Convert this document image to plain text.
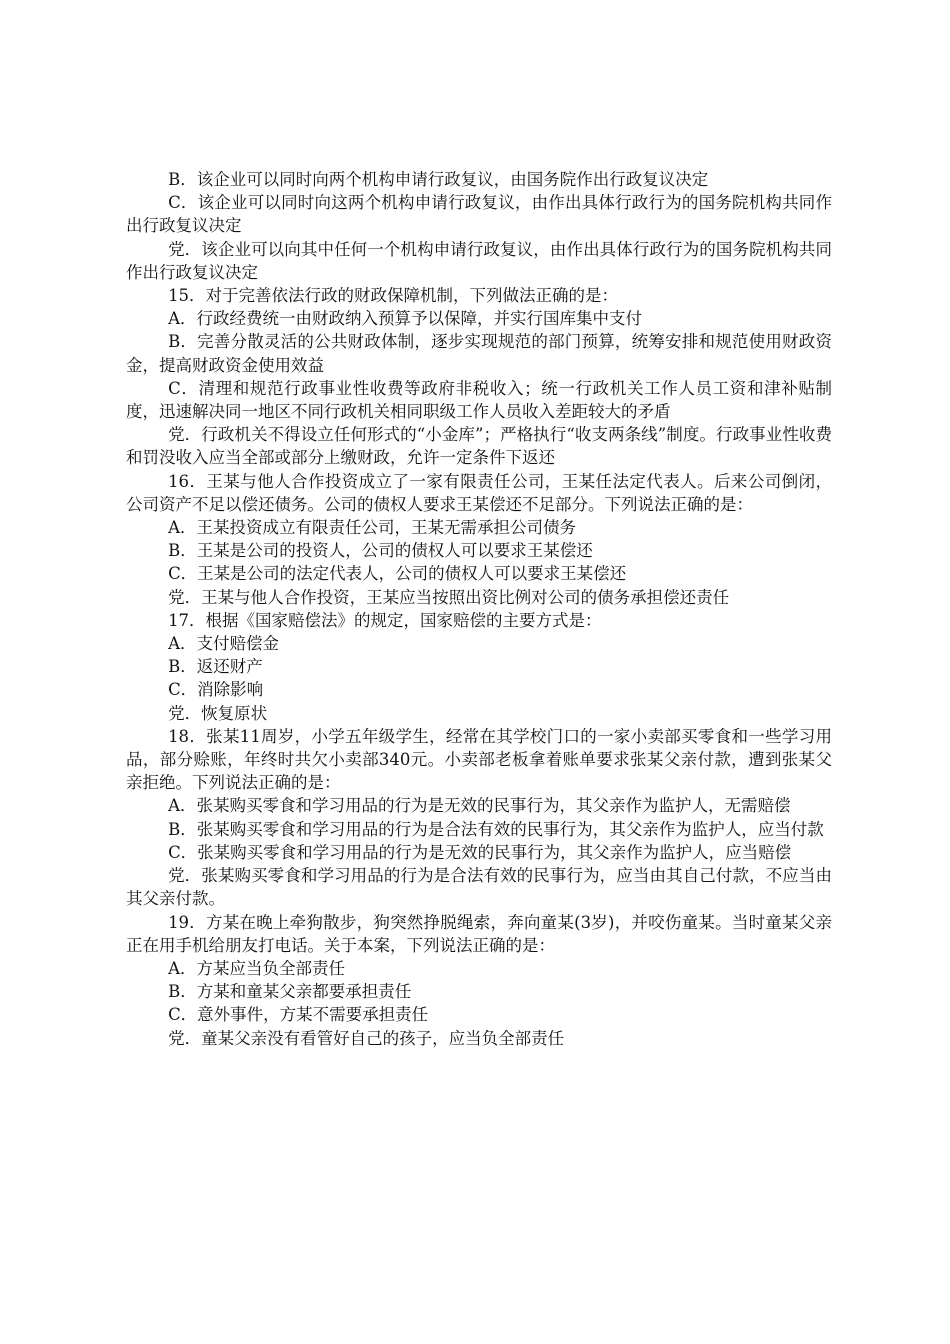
B．该企业可以同时向两个机构申请行政复议，由国务院作出行政复议决定

C．该企业可以同时向这两个机构申请行政复议，由作出具体行政行为的国务院机构共同作出行政复议决定

党．该企业可以向其中任何一个机构申请行政复议，由作出具体行政行为的国务院机构共同作出行政复议决定

15．对于完善依法行政的财政保障机制，下列做法正确的是：

A．行政经费统一由财政纳入预算予以保障，并实行国库集中支付

B．完善分散灵活的公共财政体制，逐步实现规范的部门预算，统筹安排和规范使用财政资金，提高财政资金使用效益

C．清理和规范行政事业性收费等政府非税收入；统一行政机关工作人员工资和津补贴制度，迅速解决同一地区不同行政机关相同职级工作人员收入差距较大的矛盾

党．行政机关不得设立任何形式的“小金库”；严格执行“收支两条线”制度。行政事业性收费和罚没收入应当全部或部分上缴财政，允许一定条件下返还

16．王某与他人合作投资成立了一家有限责任公司，王某任法定代表人。后来公司倒闭，公司资产不足以偿还债务。公司的债权人要求王某偿还不足部分。下列说法正确的是：

A．王某投资成立有限责任公司，王某无需承担公司债务

B．王某是公司的投资人，公司的债权人可以要求王某偿还

C．王某是公司的法定代表人，公司的债权人可以要求王某偿还

党．王某与他人合作投资，王某应当按照出资比例对公司的债务承担偿还责任

17．根据《国家赔偿法》的规定，国家赔偿的主要方式是：

A．支付赔偿金

B．返还财产

C．消除影响

党．恢复原状

18．张某11周岁，小学五年级学生，经常在其学校门口的一家小卖部买零食和一些学习用品，部分赊账，年终时共欠小卖部340元。小卖部老板拿着账单要求张某父亲付款，遭到张某父亲拒绝。下列说法正确的是：

A．张某购买零食和学习用品的行为是无效的民事行为，其父亲作为监护人，无需赔偿

B．张某购买零食和学习用品的行为是合法有效的民事行为，其父亲作为监护人，应当付款

C．张某购买零食和学习用品的行为是无效的民事行为，其父亲作为监护人，应当赔偿

党．张某购买零食和学习用品的行为是合法有效的民事行为，应当由其自己付款，不应当由其父亲付款。

19．方某在晚上牵狗散步，狗突然挣脱绳索，奔向童某(3岁)，并咬伤童某。当时童某父亲正在用手机给朋友打电话。关于本案，下列说法正确的是：

A．方某应当负全部责任

B．方某和童某父亲都要承担责任

C．意外事件，方某不需要承担责任

党．童某父亲没有看管好自己的孩子，应当负全部责任
